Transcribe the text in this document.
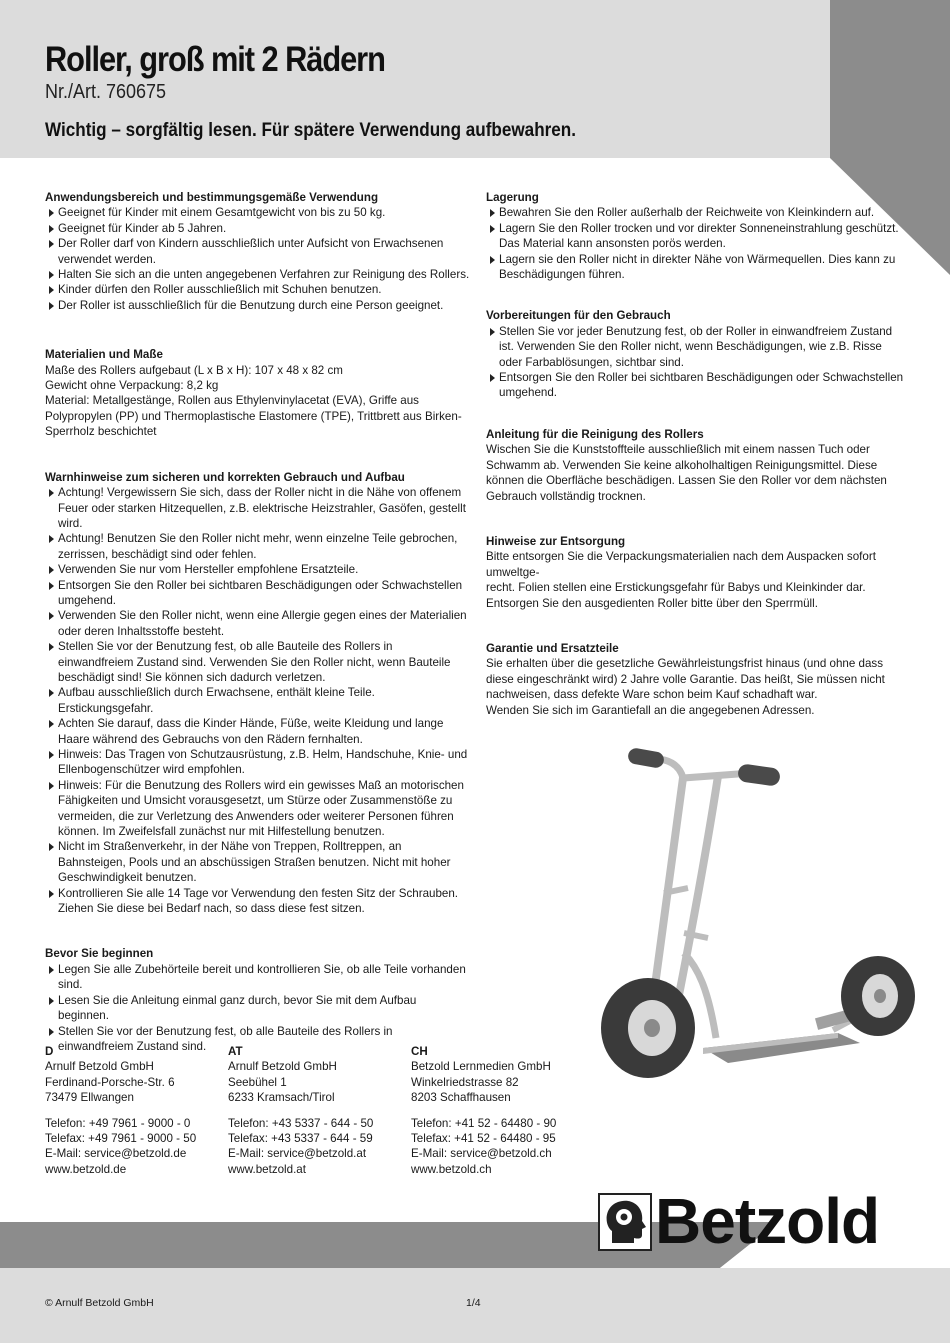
Roller, groß mit 2 Rädern
Nr./Art. 760675
Wichtig – sorgfältig lesen. Für spätere Verwendung aufbewahren.
Anwendungsbereich und bestimmungsgemäße Verwendung
Geeignet für Kinder mit einem Gesamtgewicht von bis zu 50 kg.
Geeignet für Kinder ab 5 Jahren.
Der Roller darf von Kindern ausschließlich unter Aufsicht von Erwachsenen verwendet werden.
Halten Sie sich an die unten angegebenen Verfahren zur Reinigung des Rollers.
Kinder dürfen den Roller ausschließlich mit Schuhen benutzen.
Der Roller ist ausschließlich für die Benutzung durch eine Person geeignet.
Materialien und Maße
Maße des Rollers aufgebaut (L x B x H): 107 x 48 x 82 cm
Gewicht ohne Verpackung: 8,2 kg
Material: Metallgestänge, Rollen aus Ethylenvinylacetat (EVA), Griffe aus Polypropylen (PP) und Thermoplastische Elastomere (TPE), Trittbrett aus Birken-Sperrholz beschichtet
Warnhinweise zum sicheren und korrekten Gebrauch und Aufbau
Achtung! Vergewissern Sie sich, dass der Roller nicht in die Nähe von offenem Feuer oder starken Hitzequellen, z.B. elektrische Heizstrahler, Gasöfen, gestellt wird.
Achtung! Benutzen Sie den Roller nicht mehr, wenn einzelne Teile gebrochen, zerrissen, beschädigt sind oder fehlen.
Verwenden Sie nur vom Hersteller empfohlene Ersatzteile.
Entsorgen Sie den Roller bei sichtbaren Beschädigungen oder Schwachstellen umgehend.
Verwenden Sie den Roller nicht, wenn eine Allergie gegen eines der Materialien oder deren Inhaltsstoffe besteht.
Stellen Sie vor der Benutzung fest, ob alle Bauteile des Rollers in einwandfreiem Zustand sind. Verwenden Sie den Roller nicht, wenn Bauteile beschädigt sind! Sie können sich dadurch verletzen.
Aufbau ausschließlich durch Erwachsene, enthält kleine Teile. Erstickungsgefahr.
Achten Sie darauf, dass die Kinder Hände, Füße, weite Kleidung und lange Haare während des Gebrauchs von den Rädern fernhalten.
Hinweis: Das Tragen von Schutzausrüstung, z.B. Helm, Handschuhe, Knie- und Ellenbogenschützer wird empfohlen.
Hinweis: Für die Benutzung des Rollers wird ein gewisses Maß an motorischen Fähigkeiten und Umsicht vorausgesetzt, um Stürze oder Zusammenstöße zu vermeiden, die zur Verletzung des Anwenders oder weiterer Personen führen können. Im Zweifelsfall zunächst nur mit Hilfestellung benutzen.
Nicht im Straßenverkehr, in der Nähe von Treppen, Rolltreppen, an Bahnsteigen, Pools und an abschüssigen Straßen benutzen. Nicht mit hoher Geschwindigkeit benutzen.
Kontrollieren Sie alle 14 Tage vor Verwendung den festen Sitz der Schrauben. Ziehen Sie diese bei Bedarf nach, so dass diese fest sitzen.
Bevor Sie beginnen
Legen Sie alle Zubehörteile bereit und kontrollieren Sie, ob alle Teile vorhanden sind.
Lesen Sie die Anleitung einmal ganz durch, bevor Sie mit dem Aufbau beginnen.
Stellen Sie vor der Benutzung fest, ob alle Bauteile des Rollers in einwandfreiem Zustand sind.
Lagerung
Bewahren Sie den Roller außerhalb der Reichweite von Kleinkindern auf.
Lagern Sie den Roller trocken und vor direkter Sonneneinstrahlung geschützt. Das Material kann ansonsten porös werden.
Lagern sie den Roller nicht in direkter Nähe von Wärmequellen. Dies kann zu Beschädigungen führen.
Vorbereitungen für den Gebrauch
Stellen Sie vor jeder Benutzung fest, ob der Roller in einwandfreiem Zustand ist. Verwenden Sie den Roller nicht, wenn Beschädigungen, wie z.B. Risse oder Farbablösungen, sichtbar sind.
Entsorgen Sie den Roller bei sichtbaren Beschädigungen oder Schwachstellen umgehend.
Anleitung für die Reinigung des Rollers
Wischen Sie die Kunststoffteile ausschließlich mit einem nassen Tuch oder Schwamm ab. Verwenden Sie keine alkoholhaltigen Reinigungsmittel. Diese können die Oberfläche beschädigen. Lassen Sie den Roller vor dem nächsten Gebrauch vollständig trocknen.
Hinweise zur Entsorgung
Bitte entsorgen Sie die Verpackungsmaterialien nach dem Auspacken sofort umweltge-
recht. Folien stellen eine Erstickungsgefahr für Babys und Kleinkinder dar.
Entsorgen Sie den ausgedienten Roller bitte über den Sperrmüll.
Garantie und Ersatzteile
Sie erhalten über die gesetzliche Gewährleistungsfrist hinaus (und ohne dass diese eingeschränkt wird) 2 Jahre volle Garantie. Das heißt, Sie müssen nicht nachweisen, dass defekte Ware schon beim Kauf schadhaft war.
Wenden Sie sich im Garantiefall an die angegebenen Adressen.
D
Arnulf Betzold GmbH
Ferdinand-Porsche-Str. 6
73479 Ellwangen
Telefon: +49 7961 - 9000 - 0
Telefax: +49 7961 - 9000 - 50
E-Mail: service@betzold.de
www.betzold.de
AT
Arnulf Betzold GmbH
Seebühel 1
6233 Kramsach/Tirol
Telefon: +43 5337 - 644 - 50
Telefax: +43 5337 - 644 - 59
E-Mail: service@betzold.at
www.betzold.at
CH
Betzold Lernmedien GmbH
Winkelriedstrasse 82
8203 Schaffhausen
Telefon: +41 52 - 64480 - 90
Telefax: +41 52 - 64480 - 95
E-Mail: service@betzold.ch
www.betzold.ch
Betzold
© Arnulf Betzold GmbH	1/4
